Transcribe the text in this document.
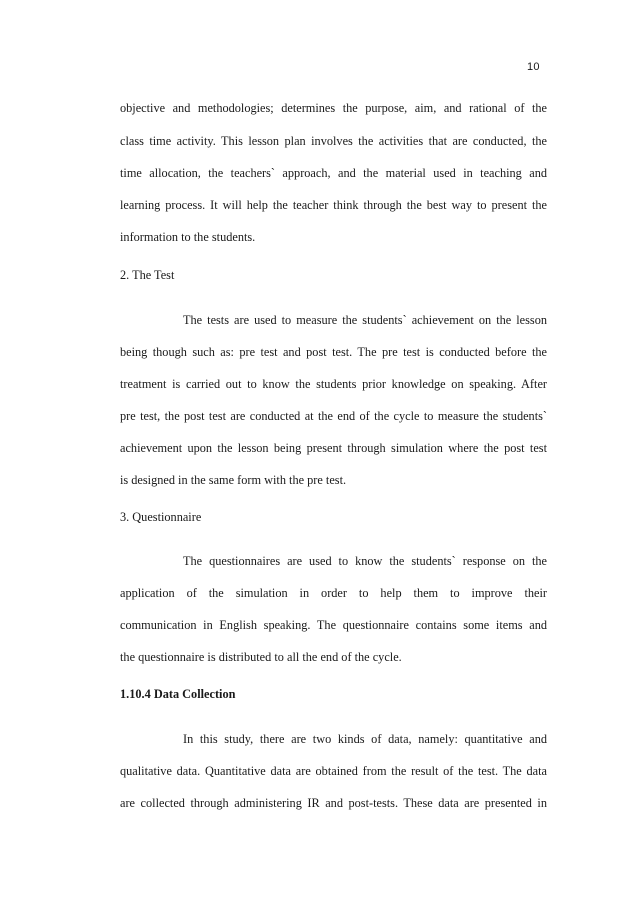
10
objective and methodologies; determines the purpose, aim, and rational of the
class time activity. This lesson plan involves the activities that are conducted, the
time allocation, the teachers` approach, and the material used in teaching and
learning process. It will help the teacher think through the best way to present the
information to the students.
2. The Test
The tests are used to measure the students` achievement on the lesson
being though such as: pre test and post test. The pre test is conducted before the
treatment is carried out to know the students prior knowledge on speaking. After
pre test, the post test are conducted at the end of the cycle to measure the students`
achievement upon the lesson being present through simulation where the post test
is designed in the same form with the pre test.
3. Questionnaire
The questionnaires are used to know the students` response on the
application of the simulation in order to help them to improve their
communication in English speaking. The questionnaire contains some items and
the questionnaire is distributed to all the end of the cycle.
1.10.4 Data Collection
In this study, there are two kinds of data, namely: quantitative and
qualitative data. Quantitative data are obtained from the result of the test. The data
are collected through administering IR and post-tests. These data are presented in
